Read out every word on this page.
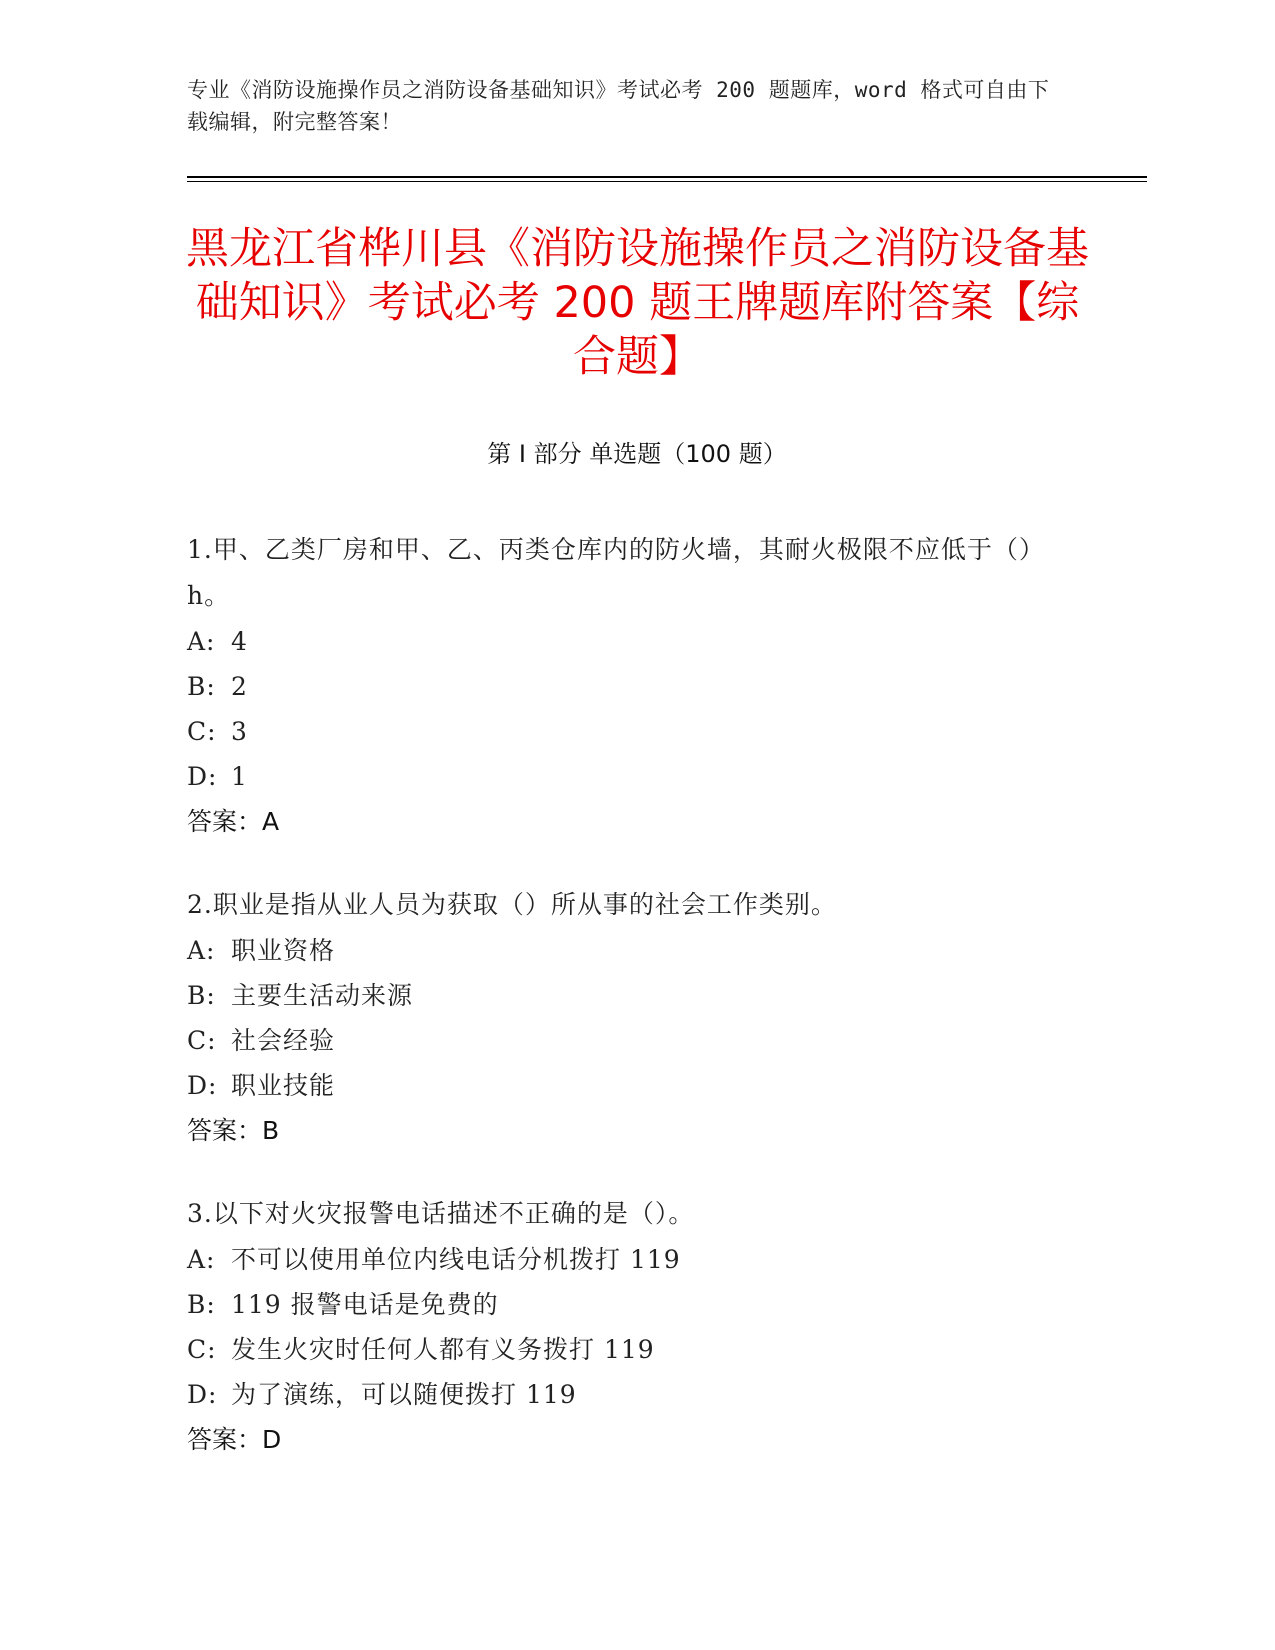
专业《消防设施操作员之消防设备基础知识》考试必考 200 题题库，word 格式可自由下载编辑，附完整答案！
黑龙江省桦川县《消防设施操作员之消防设备基础知识》考试必考 200 题王牌题库附答案【综合题】
第 I 部分 单选题（100 题）
1.甲、乙类厂房和甲、乙、丙类仓库内的防火墙，其耐火极限不应低于（）h。
A: 4
B: 2
C: 3
D: 1
答案：A
2.职业是指从业人员为获取（）所从事的社会工作类别。
A: 职业资格
B: 主要生活动来源
C: 社会经验
D: 职业技能
答案：B
3.以下对火灾报警电话描述不正确的是（）。
A: 不可以使用单位内线电话分机拨打 119
B: 119 报警电话是免费的
C: 发生火灾时任何人都有义务拨打 119
D: 为了演练，可以随便拨打 119
答案：D
